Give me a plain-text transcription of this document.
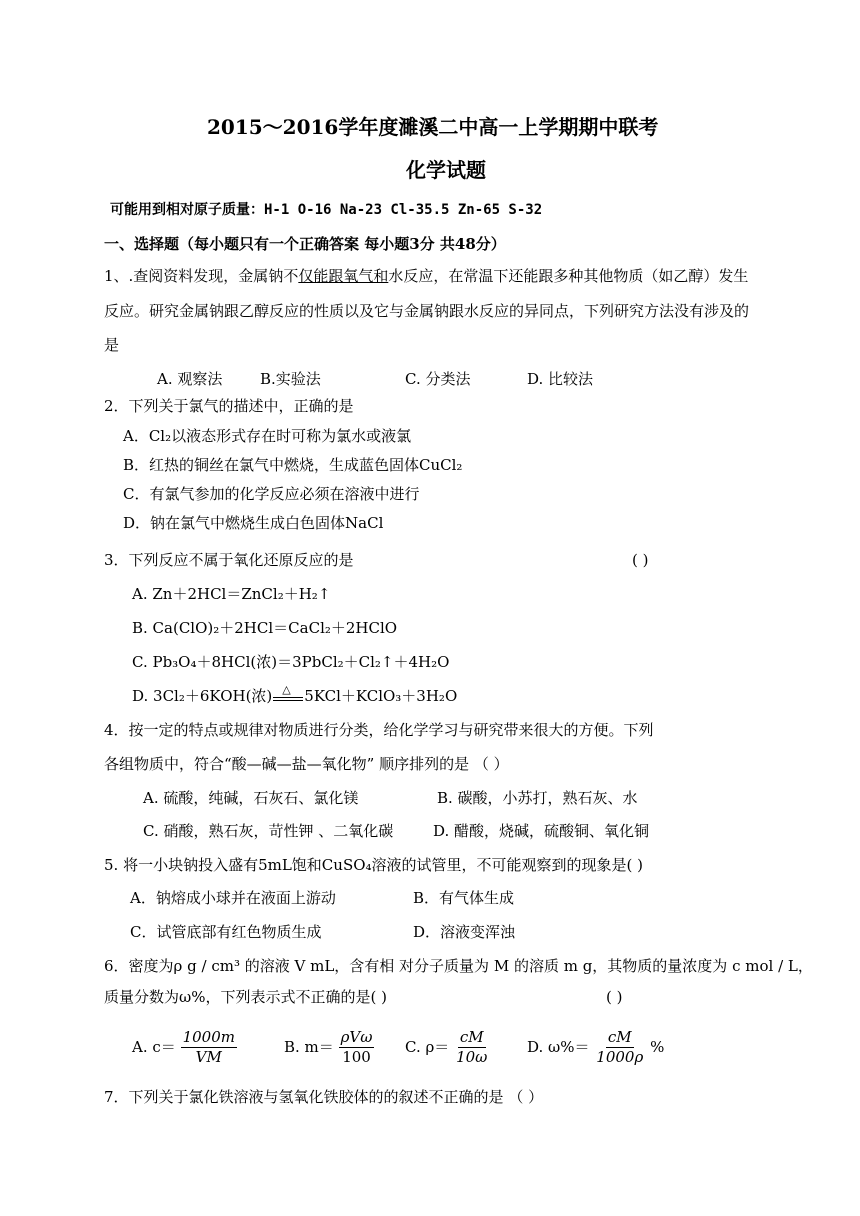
2015～2016学年度濉溪二中高一上学期期中联考
化学试题
可能用到相对原子质量：H-1 O-16 Na-23 Cl-35.5 Zn-65 S-32
一、选择题（每小题只有一个正确答案 每小题3分 共48分）
1、.查阅资料发现，金属钠不仅能跟氧气和水反应，在常温下还能跟多种其他物质（如乙醇）发生
反应。研究金属钠跟乙醇反应的性质以及它与金属钠跟水反应的异同点，下列研究方法没有涉及的
是
A. 观察法	B.实验法	C. 分类法	D. 比较法
2．下列关于氯气的描述中，正确的是
A．Cl₂以液态形式存在时可称为氯水或液氯
B．红热的铜丝在氯气中燃烧，生成蓝色固体CuCl₂
C．有氯气参加的化学反应必须在溶液中进行
D．钠在氯气中燃烧生成白色固体NaCl
3．下列反应不属于氧化还原反应的是	( )
A. Zn＋2HCl＝ZnCl₂＋H₂↑
B. Ca(ClO)₂＋2HCl＝CaCl₂＋2HClO
C. Pb₃O₄＋8HCl(浓)＝3PbCl₂＋Cl₂↑＋4H₂O
D. 3Cl₂＋6KOH(浓) △ 5KCl＋KClO₃＋3H₂O
4．按一定的特点或规律对物质进行分类，给化学学习与研究带来很大的方便。下列
各组物质中，符合“酸—碱—盐—氧化物” 顺序排列的是 （ ）
A. 硫酸，纯碱，石灰石、氯化镁	B. 碳酸，小苏打，熟石灰、水
C. 硝酸，熟石灰，苛性钾 、二氧化碳	D. 醋酸，烧碱，硫酸铜、氧化铜
5. 将一小块钠投入盛有5mL饱和CuSO₄溶液的试管里，不可能观察到的现象是( )
A．钠熔成小球并在液面上游动	B．有气体生成
C．试管底部有红色物质生成	D．溶液变浑浊
6．密度为ρ g / cm³ 的溶液 V mL，含有相 对分子质量为 M 的溶质 m g，其物质的量浓度为 c mol / L，
质量分数为ω%，下列表示式不正确的是( )	( )
A. $c= \frac{1000m}{VM}$	B. $m= \frac{\text{ρVω}}{100} C$. $\rho= \frac{cM}{10\omega}$	D. $\omega\%= \frac{cM}{1000\rho}$ %
7．下列关于氯化铁溶液与氢氧化铁胶体的的叙述不正确的是 （ ）
